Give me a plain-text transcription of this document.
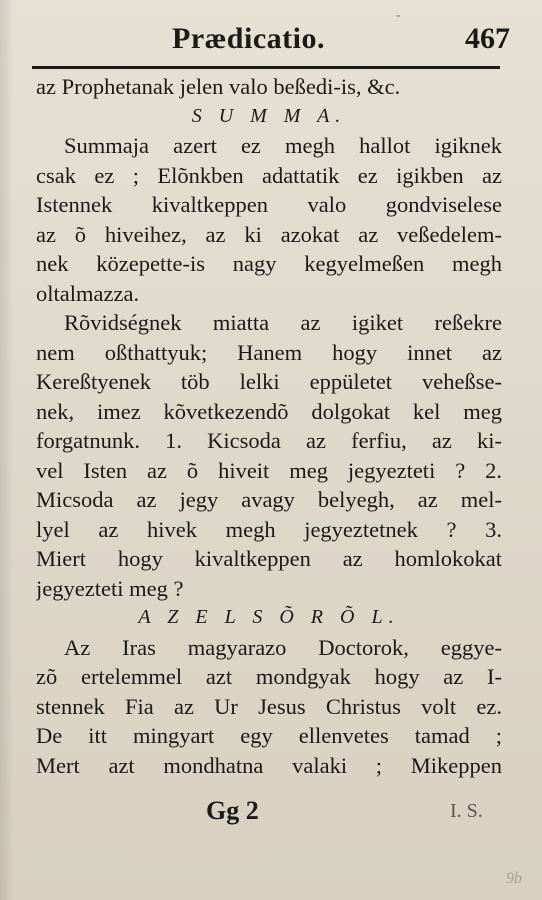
-
Prædicatio.	467
az Prophetanak jelen valo beßedi-is, &c.
S U M M A.
Summaja azert ez megh hallot igiknek
csak ez ; Elõnkben adattatik ez igikben az
Istennek kivaltkeppen valo gondviselese
az õ hiveihez, az ki azokat az veßedelem-
nek közepette-is nagy kegyelmeßen megh
oltalmazza.
Rõvidségnek miatta az igiket reßekre
nem oßthattyuk; Hanem hogy innet az
Kereßtyenek töb lelki eppületet veheßse-
nek, imez kõvetkezendõ dolgokat kel meg
forgatnunk. 1. Kicsoda az ferfiu, az ki-
vel Isten az õ hiveit meg jegyezteti ? 2.
Micsoda az jegy avagy belyegh, az mel-
lyel az hivek megh jegyeztetnek ? 3.
Miert hogy kivaltkeppen az homlokokat
jegyezteti meg ?
A Z E L S Õ R Õ L.
Az Iras magyarazo Doctorok, eggye-
zõ ertelemmel azt mondgyak hogy az I-
stennek Fia az Ur Jesus Christus volt ez.
De itt mingyart egy ellenvetes tamad ;
Mert azt mondhatna valaki ; Mikeppen
Gg 2	I. S.
9b
